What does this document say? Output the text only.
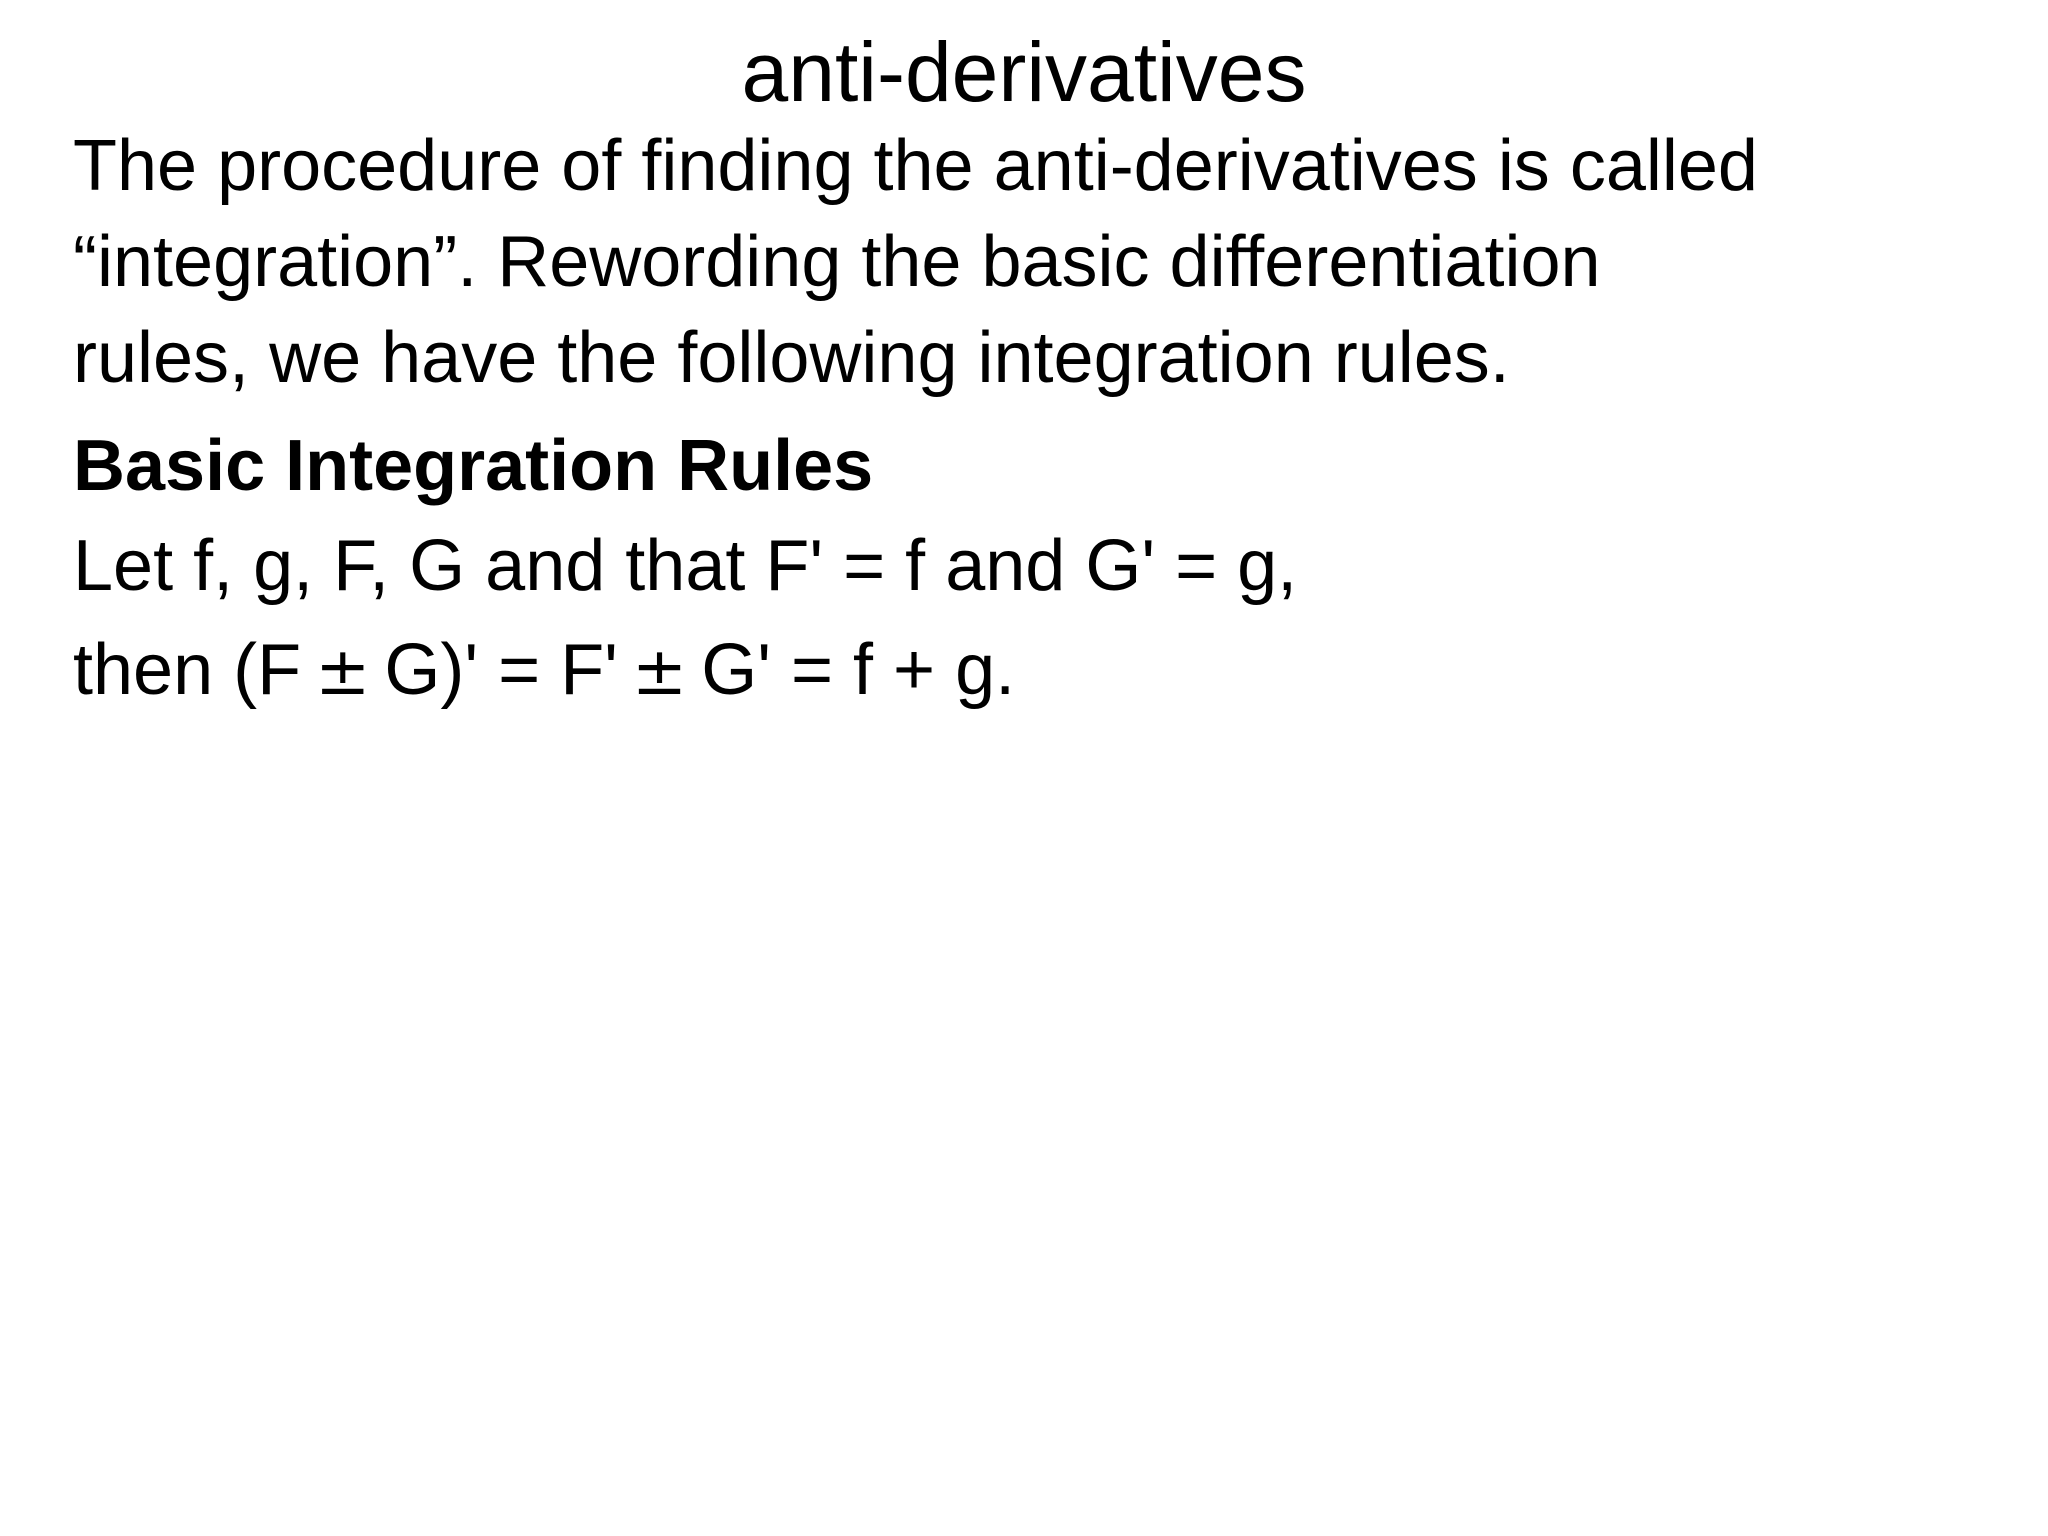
anti-derivatives

The procedure of finding the anti-derivatives is called
“integration”. Rewording the basic differentiation
rules, we have the following integration rules.

Basic Integration Rules

Let f, g, F, G and that F' = f and G' = g,

then (F ± G)' = F' ± G' = f + g.
